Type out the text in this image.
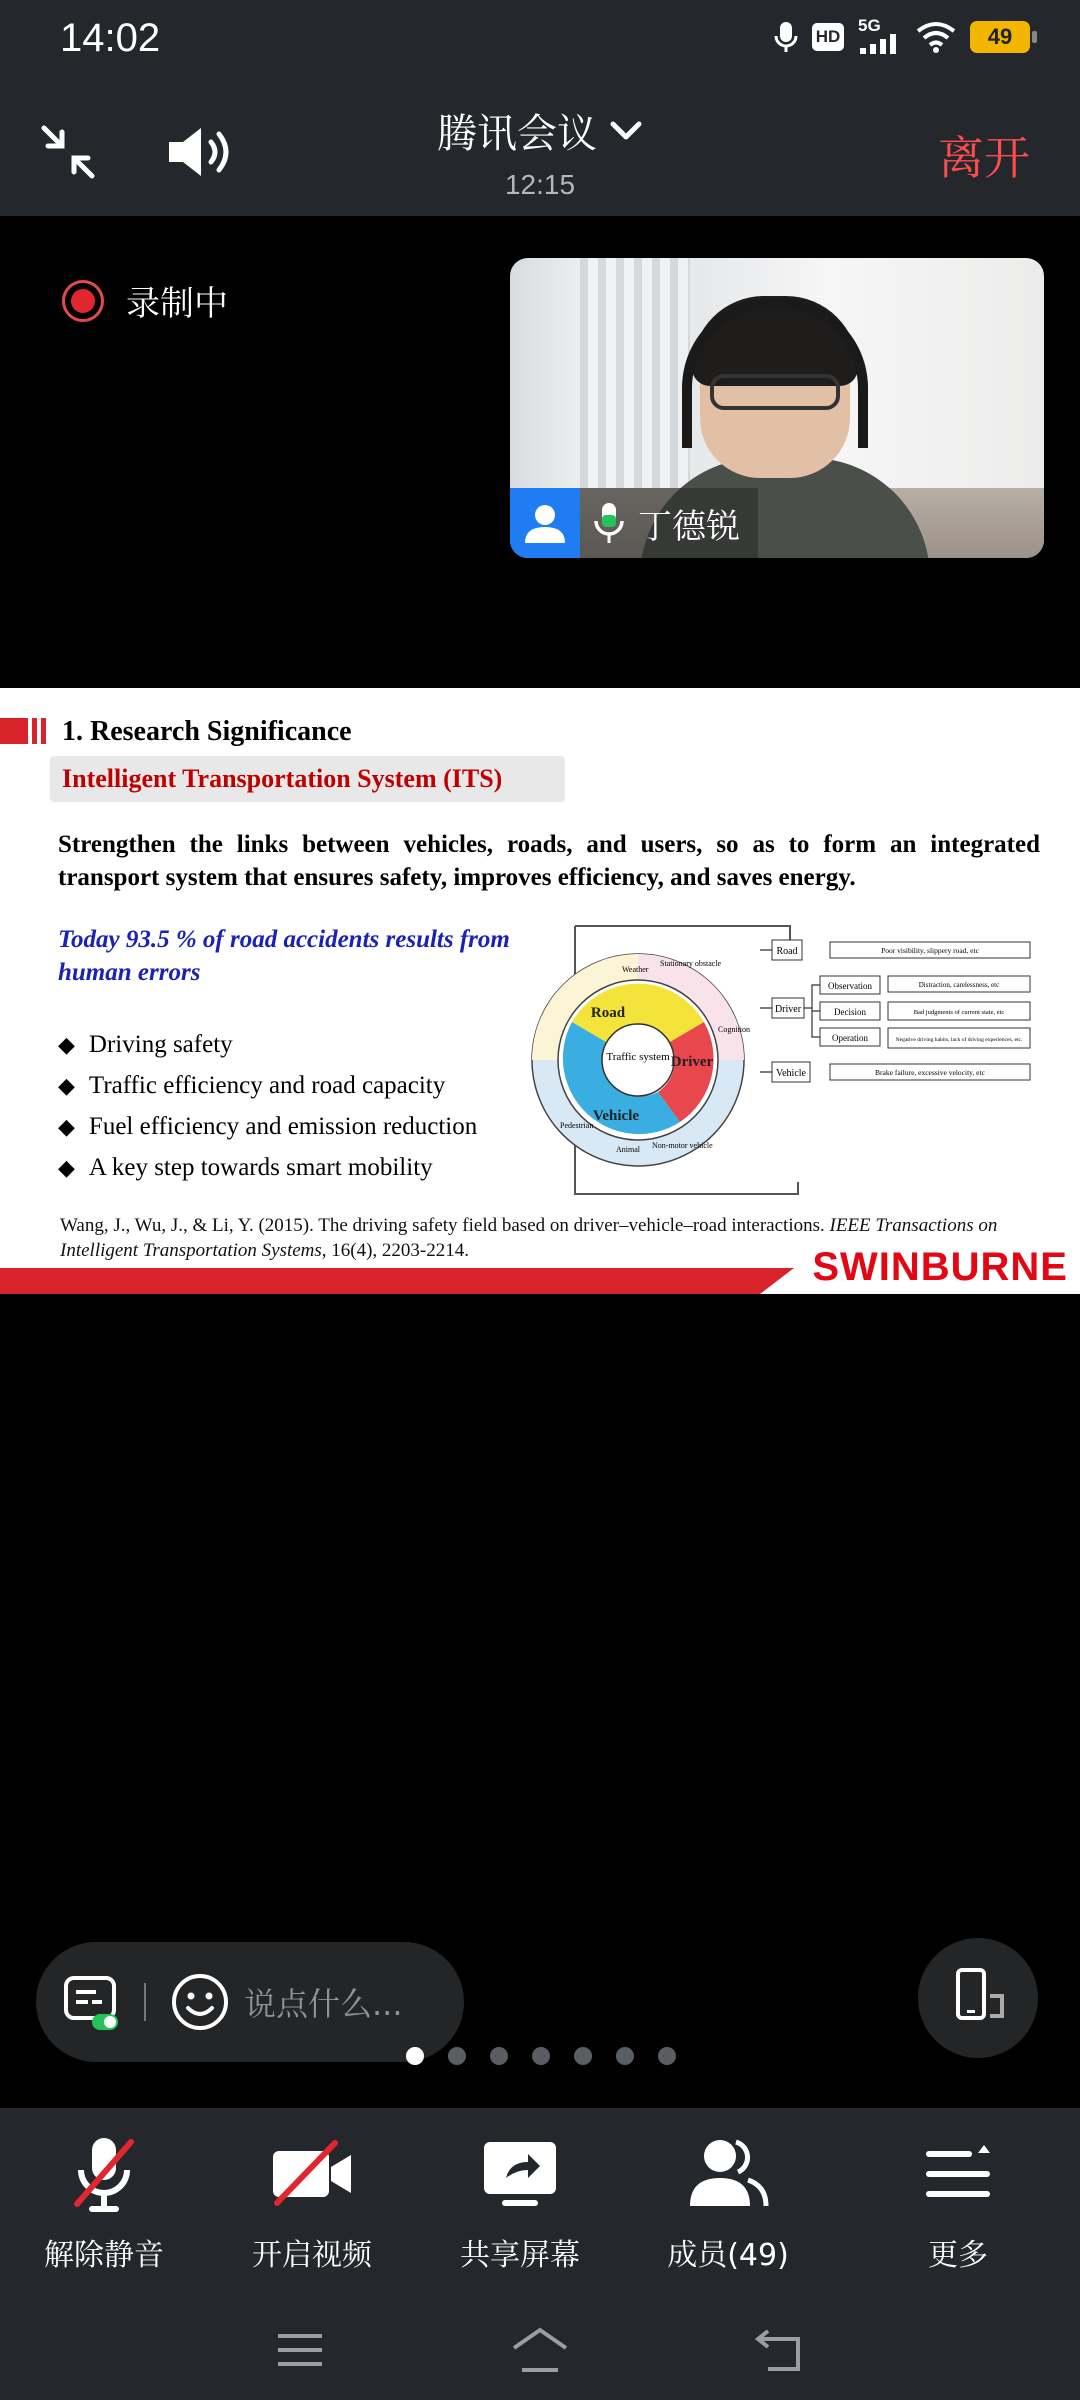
14:02	HD
5G	49
腾讯会议
12:15	离开
录制中
丁德锐
1. Research Significance
Intelligent Transportation System (ITS)
Strengthen the links between vehicles, roads, and users, so as to form an integrated transport system that ensures safety, improves efficiency, and saves energy.
Today 93.5 % of road accidents results from human errors
◆ Driving safety
◆ Traffic efficiency and road capacity
◆ Fuel efficiency and emission reduction
◆ A key step towards smart mobility
Traffic system
Road
Driver
Vehicle
Weather
Stationary obstacle
Cognition
Pedestrian
Animal Non-motor vehicle
Road
Driver
Observation
Decision
Operation
Vehicle
Poor visibility, slippery road, etc
Distraction, carelessness, etc
Bad judgments of current state, etc
Negative driving habits, lack of driving experiences, etc.
Brake failure, excessive velocity, etc
Wang, J., Wu, J., & Li, Y. (2015). The driving safety field based on driver–vehicle–road interactions. IEEE Transactions on Intelligent Transportation Systems, 16(4), 2203-2214.	SWINBURNE
说点什么...
解除静音	开启视频	共享屏幕	成员(49)	更多
